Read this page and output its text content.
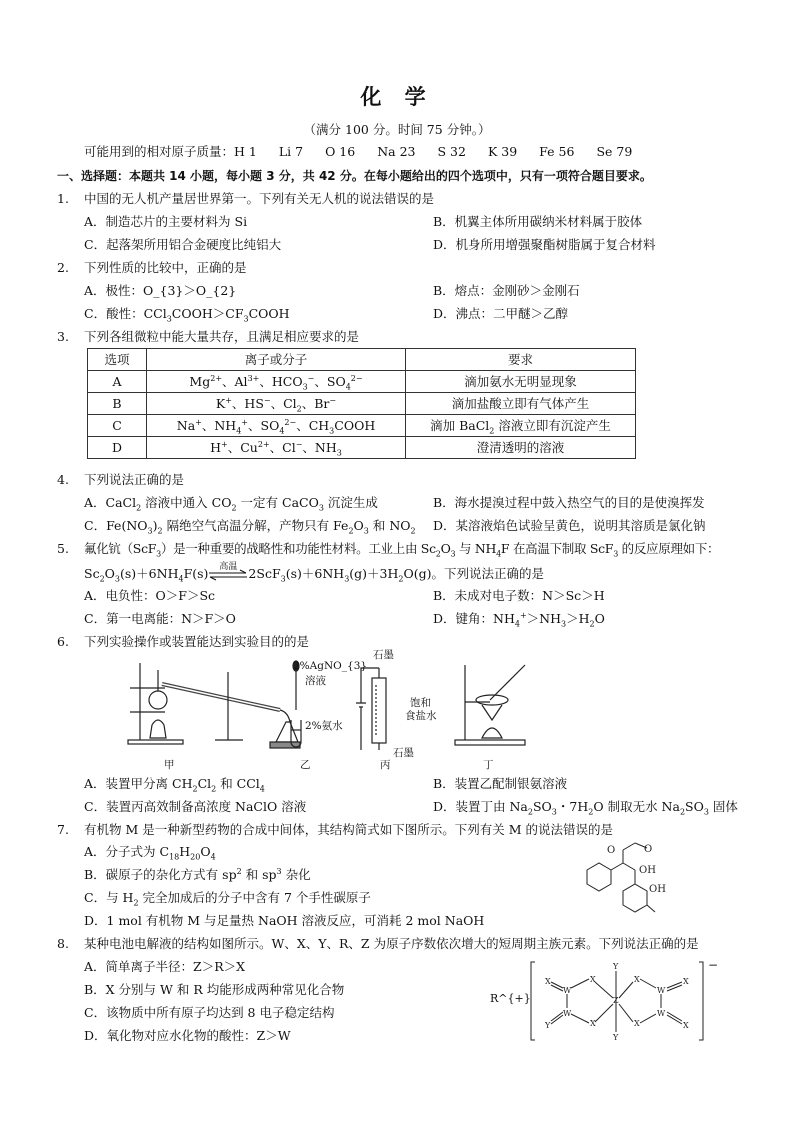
化 学
（满分 100 分。时间 75 分钟。）
可能用到的相对原子质量：H 1 Li 7 O 16 Na 23 S 32 K 39 Fe 56 Se 79
一、选择题：本题共 14 小题，每小题 3 分，共 42 分。在每小题给出的四个选项中，只有一项符合题目要求。
1. 中国的无人机产量居世界第一。下列有关无人机的说法错误的是
A．制造芯片的主要材料为 Si	B．机翼主体所用碳纳米材料属于胶体
C．起落架所用铝合金硬度比纯铝大	D．机身所用增强聚酯树脂属于复合材料
2. 下列性质的比较中，正确的是
A．极性：O_{3}＞O_{2}	B．熔点：金刚砂＞金刚石
C．酸性：$CCl_3COOH>CF_3COOH$	D．沸点：二甲醚＞乙醇
3. 下列各组微粒中能大量共存，且满足相应要求的是
选项	离子或分子	要求
A	$Mg^{2+}$、$Al^{3+}$、$HCO_3^-$、$SO_4^{2-}$	滴加氨水无明显现象
B	K+、HS−、$Cl_2$、Br−	滴加盐酸立即有气体产生
C	Na+、$NH_4^+$、$SO_4^{2-}$、$CH_3COOH$	滴加 BaCl$_2$ 溶液立即有沉淀产生
D	H+、$Cu^{2+}$、Cl−、$NH_3$	澄清透明的溶液
4. 下列说法正确的是
A．CaCl$_2$ 溶液中通入 $CO_2$ 一定有 CaCO$_3$ 沉淀生成	B．海水提溴过程中鼓入热空气的目的是使溴挥发
C．$Fe(NO_3)_2$ 隔绝空气高温分解，产物只有 $Fe_2O_3$ 和 $NO_2$ D．某溶液焰色试验呈黄色，说明其溶质是氯化钠
5. 氟化钪（ScF$_3$）是一种重要的战略性和功能性材料。工业上由 $Sc_2O_3$ 与 $NH_4F$ 在高温下制取 ScF$_3$ 的反应原理如下：
$Sc_2O_3(s)+6NH_4F(s)$	高温 $2ScF_3(s)+6NH_3(g)+3H_2O(g)$。下列说法正确的是
A．电负性：O＞F＞Sc	B．未成对电子数：N＞Sc＞H
C．第一电离能：N＞F＞O	D．键角：$NH_4^+>NH_3>H_2O$
6. 下列实验操作或装置能达到实验目的的是
2%AgNO_{3}
溶液
2%氨水
石墨
石墨
饱和
食盐水
甲	乙	丙	丁
A．装置甲分离 $CH_2Cl_2$ 和 CCl$_4$	B．装置乙配制银氨溶液
C．装置丙高效制备高浓度 NaClO 溶液	D．装置丁由 $Na_2SO_3$・$7H_2O$ 制取无水 $Na_2SO_3$ 固体
7. 有机物 M 是一种新型药物的合成中间体，其结构简式如下图所示。下列有关 M 的说法错误的是
A．分子式为 $C_{18}H_{20}O_4$
B．碳原子的杂化方式有 $sp^2$ 和 $sp^3$ 杂化
C．与 $H_2$ 完全加成后的分子中含有 7 个手性碳原子
D．1 mol 有机物 M 与足量热 NaOH 溶液反应，可消耗 2 mol NaOH
O	O
OH
OH
8. 某种电池电解液的结构如图所示。W、X、Y、R、Z 为原子序数依次增大的短周期主族元素。下列说法正确的是
A．简单离子半径：Z＞R＞X
B．X 分别与 W 和 R 均能形成两种常见化合物
C．该物质中所有原子均达到 8 电子稳定结构
D．氧化物对应水化物的酸性：Z＞W
R^{+}
−
Y
Y
Z
X
X
X
X
W
W
W
W
X
Y
X
X
